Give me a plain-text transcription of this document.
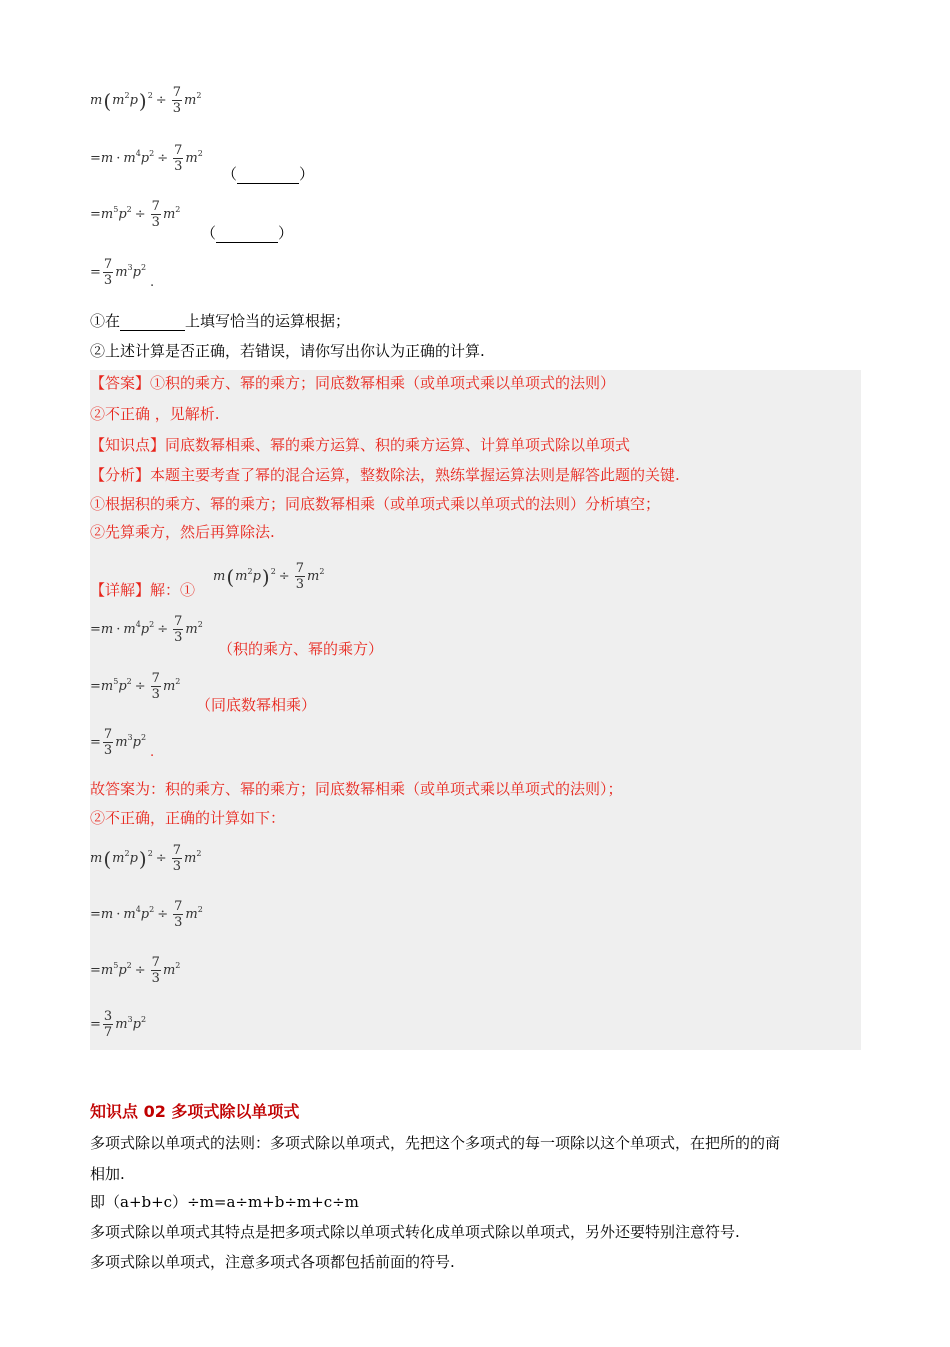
m ( $m^2$ p )$^2 \div \frac{7}{3} m^2$
= $m \cdot m^4$ $p^2 \div \frac{7}{3} m^2$
（	）
= $m^5$ $p^2 \div \frac{7}{3} m^2$
（	）
= $\frac{7}{3} m^3$ $p^2$
.
①在	上填写恰当的运算根据；
②上述计算是否正确，若错误，请你写出你认为正确的计算.
【答案】①积的乘方、幂的乘方；同底数幂相乘（或单项式乘以单项式的法则）
②不正确 ，见解析.
【知识点】同底数幂相乘、幂的乘方运算、积的乘方运算、计算单项式除以单项式
【分析】本题主要考查了幂的混合运算，整数除法，熟练掌握运算法则是解答此题的关键.
①根据积的乘方、幂的乘方；同底数幂相乘（或单项式乘以单项式的法则）分析填空；
②先算乘方，然后再算除法.
【详解】解：①
m ( $m^2$ p )$^2 \div \frac{7}{3} m^2$
= $m \cdot m^4$ $p^2 \div \frac{7}{3} m^2$
（积的乘方、幂的乘方）
= $m^5$ $p^2 \div \frac{7}{3} m^2$
（同底数幂相乘）
= $\frac{7}{3} m^3$ $p^2$
.
故答案为：积的乘方、幂的乘方；同底数幂相乘（或单项式乘以单项式的法则）；
②不正确，正确的计算如下：
m ( $m^2$ p )$^2 \div \frac{7}{3} m^2$
= $m \cdot m^4$ $p^2 \div \frac{7}{3} m^2$
= $m^5$ $p^2 \div \frac{7}{3} m^2$
= $\frac{3}{7} m^3$ $p^2$
知识点 02 多项式除以单项式
多项式除以单项式的法则：多项式除以单项式，先把这个多项式的每一项除以这个单项式，在把所的的商
相加.
即（a+b+c）÷m=a÷m+b÷m+c÷m
多项式除以单项式其特点是把多项式除以单项式转化成单项式除以单项式，另外还要特别注意符号.
多项式除以单项式，注意多项式各项都包括前面的符号.
